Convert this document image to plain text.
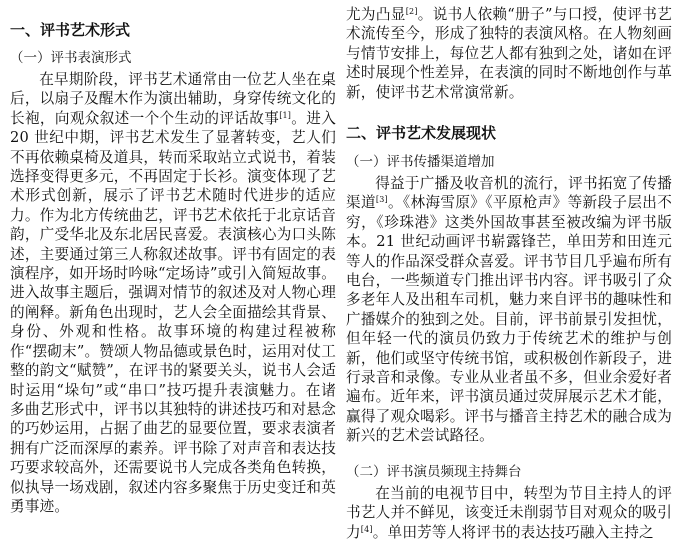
一、评书艺术形式
（一）评书表演形式

在早期阶段，评书艺术通常由一位艺人坐在桌后，以扇子及醒木作为演出辅助，身穿传统文化的长袍，向观众叙述一个个生动的评话故事[1]。进入 20 世纪中期，评书艺术发生了显著转变，艺人们不再依赖桌椅及道具，转而采取站立式说书，着装选择变得更多元，不再固定于长衫。演变体现了艺术形式创新，展示了评书艺术随时代进步的适应力。作为北方传统曲艺，评书艺术依托于北京话音韵，广受华北及东北居民喜爱。表演核心为口头陈述，主要通过第三人称叙述故事。评书有固定的表演程序，如开场时吟咏“定场诗”或引入简短故事。进入故事主题后，强调对情节的叙述及对人物心理的阐释。新角色出现时，艺人会全面描绘其背景、身份、外观和性格。故事环境的构建过程被称作“摆砌末”。赞颂人物品德或景色时，运用对仗工整的韵文“赋赞”，在评书的紧要关头，说书人会适时运用“垛句”或“串口”技巧提升表演魅力。在诸多曲艺形式中，评书以其独特的讲述技巧和对悬念的巧妙运用，占据了曲艺的显要位置，要求表演者拥有广泛而深厚的素养。评书除了对声音和表达技巧要求较高外，还需要说书人完成各类角色转换，似执导一场戏剧，叙述内容多聚焦于历史变迁和英勇事迹。

尤为凸显[2]。说书人依赖“册子”与口授，使评书艺术流传至今，形成了独特的表演风格。在人物刻画与情节安排上，每位艺人都有独到之处，诸如在评述时展现个性差异，在表演的同时不断地创作与革新，使评书艺术常演常新。

二、评书艺术发展现状
（一）评书传播渠道增加

得益于广播及收音机的流行，评书拓宽了传播渠道[3]。《林海雪原》《平原枪声》等新段子层出不穷，《珍珠港》这类外国故事甚至被改编为评书版本。21 世纪动画评书崭露锋芒，单田芳和田连元等人的作品深受群众喜爱。评书节目几乎遍布所有电台，一些频道专门推出评书内容。评书吸引了众多老年人及出租车司机，魅力来自评书的趣味性和广播媒介的独到之处。目前，评书前景引发担忧，但年轻一代的演员仍致力于传统艺术的维护与创新，他们或坚守传统书馆，或积极创作新段子，进行录音和录像。专业从业者虽不多，但业余爱好者遍布。近年来，评书演员通过荧屏展示艺术才能，赢得了观众喝彩。评书与播音主持艺术的融合成为新兴的艺术尝试路径。

（二）评书演员频现主持舞台

在当前的电视节目中，转型为节目主持人的评书艺人并不鲜见，该变迁未削弱节目对观众的吸引力[4]。单田芳等人将评书的表达技巧融入主持之
